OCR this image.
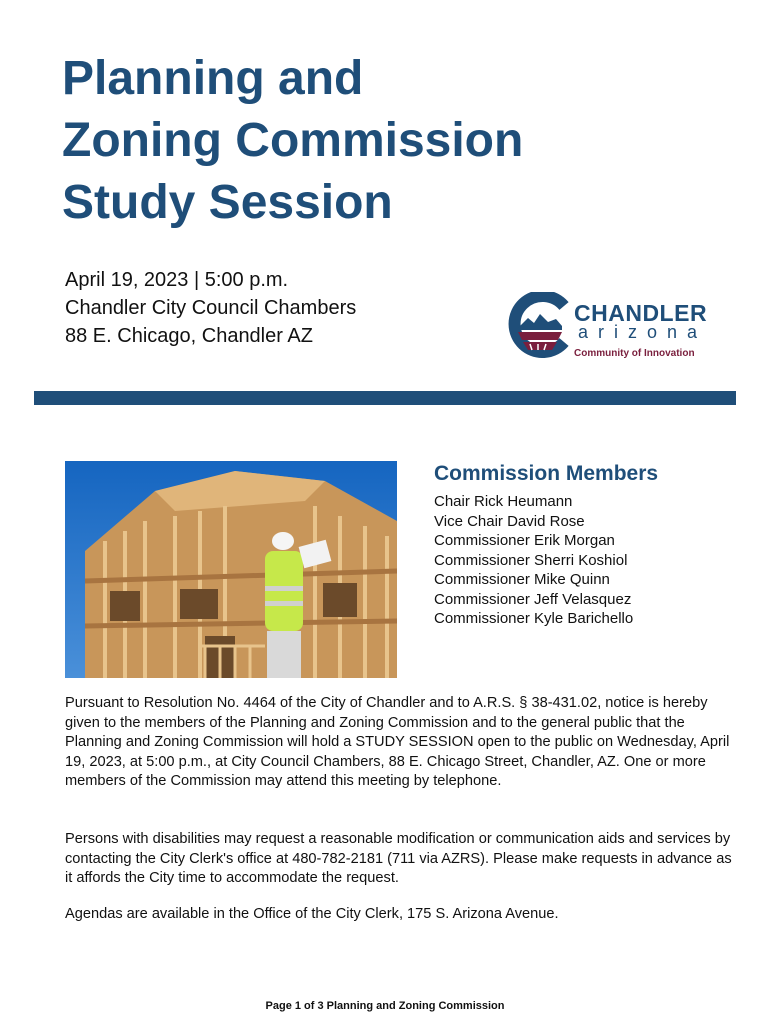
Planning and
Zoning Commission
Study Session
April 19, 2023 | 5:00 p.m.
Chandler City Council Chambers
88 E. Chicago, Chandler AZ
CHANDLER
arizona
Community of Innovation
Commission Members
Chair Rick Heumann
Vice Chair David Rose
Commissioner Erik Morgan
Commissioner Sherri Koshiol
Commissioner Mike Quinn
Commissioner Jeff Velasquez
Commissioner Kyle Barichello

Pursuant to Resolution No. 4464 of the City of Chandler and to A.R.S. § 38-431.02, notice is hereby given to the members of the Planning and Zoning Commission and to the general public that the Planning and Zoning Commission will hold a STUDY SESSION open to the public on Wednesday, April 19, 2023, at 5:00 p.m., at City Council Chambers, 88 E. Chicago Street, Chandler, AZ. One or more members of the Commission may attend this meeting by telephone.

Persons with disabilities may request a reasonable modification or communication aids and services by contacting the City Clerk's office at 480-782-2181 (711 via AZRS). Please make requests in advance as it affords the City time to accommodate the request.

Agendas are available in the Office of the City Clerk, 175 S. Arizona Avenue.

Page 1 of 3 Planning and Zoning Commission
